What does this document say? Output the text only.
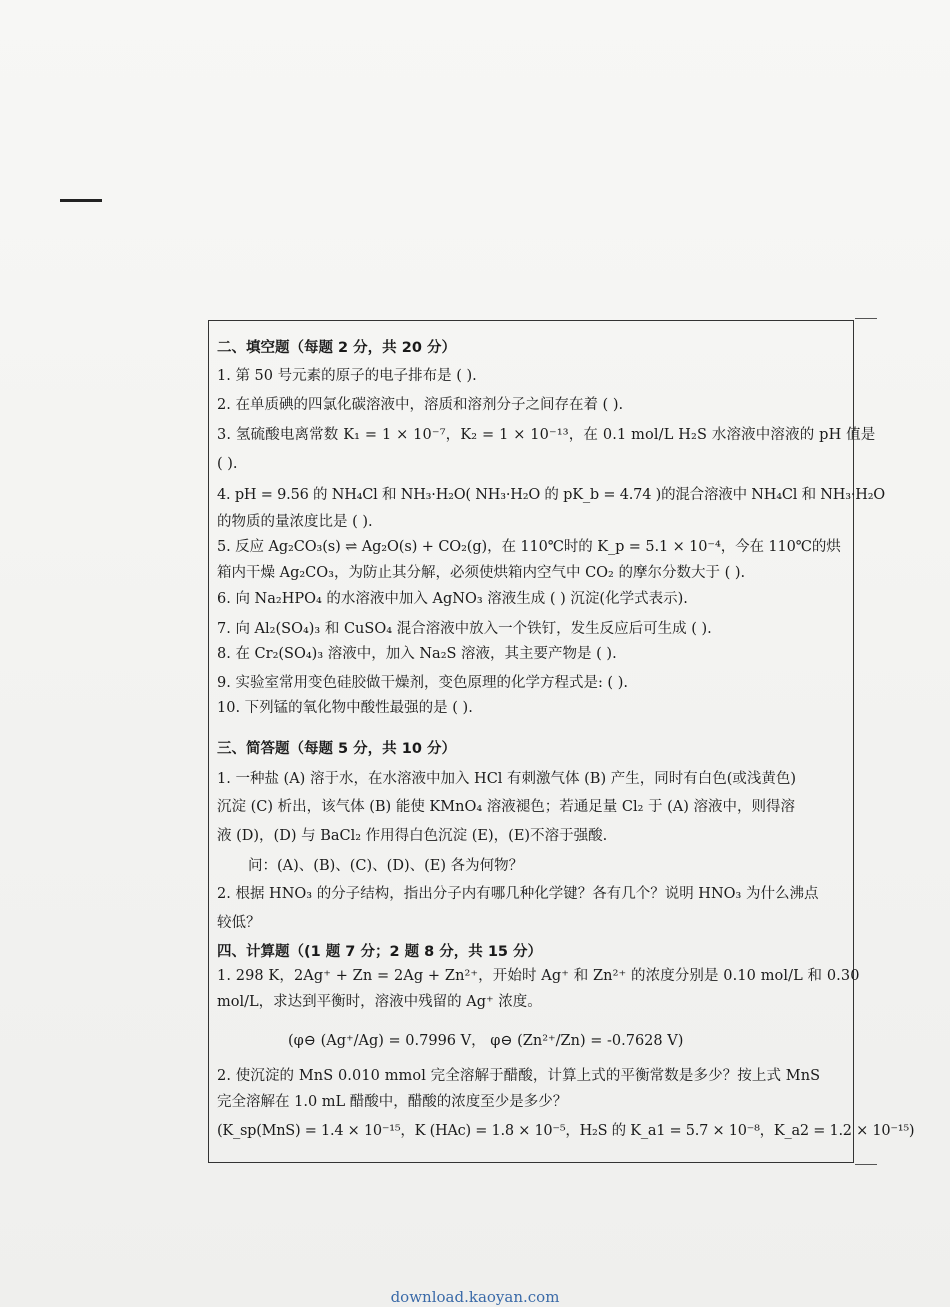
二、填空题（每题 2 分，共 20 分）
1. 第 50 号元素的原子的电子排布是 ( ).
2. 在单质碘的四氯化碳溶液中，溶质和溶剂分子之间存在着 ( ).
3. 氢硫酸电离常数 K₁ = 1 × 10⁻⁷，K₂ = 1 × 10⁻¹³，在 0.1 mol/L H₂S 水溶液中溶液的 pH 值是
( ).
4. pH = 9.56 的 NH₄Cl 和 NH₃·H₂O( NH₃·H₂O 的 pK_b = 4.74 )的混合溶液中 NH₄Cl 和 NH₃·H₂O
的物质的量浓度比是 ( ).
5. 反应 Ag₂CO₃(s) ⇌ Ag₂O(s) + CO₂(g)，在 110℃时的 K_p = 5.1 × 10⁻⁴，今在 110℃的烘
箱内干燥 Ag₂CO₃，为防止其分解，必须使烘箱内空气中 CO₂ 的摩尔分数大于 ( ).
6. 向 Na₂HPO₄ 的水溶液中加入 AgNO₃ 溶液生成 ( ) 沉淀(化学式表示).
7. 向 Al₂(SO₄)₃ 和 CuSO₄ 混合溶液中放入一个铁钉，发生反应后可生成 ( ).
8. 在 Cr₂(SO₄)₃ 溶液中，加入 Na₂S 溶液，其主要产物是 ( ).
9. 实验室常用变色硅胶做干燥剂，变色原理的化学方程式是: ( ).
10. 下列锰的氧化物中酸性最强的是 ( ).
三、简答题（每题 5 分，共 10 分）
1. 一种盐 (A) 溶于水，在水溶液中加入 HCl 有刺激气体 (B) 产生，同时有白色(或浅黄色)
沉淀 (C) 析出，该气体 (B) 能使 KMnO₄ 溶液褪色；若通足量 Cl₂ 于 (A) 溶液中，则得溶
液 (D)，(D) 与 BaCl₂ 作用得白色沉淀 (E)，(E)不溶于强酸.
问：(A)、(B)、(C)、(D)、(E) 各为何物？
2. 根据 HNO₃ 的分子结构，指出分子内有哪几种化学键？各有几个？说明 HNO₃ 为什么沸点
较低？
四、计算题（(1 题 7 分；2 题 8 分，共 15 分）
1. 298 K，2Ag⁺ + Zn = 2Ag + Zn²⁺，开始时 Ag⁺ 和 Zn²⁺ 的浓度分别是 0.10 mol/L 和 0.30
mol/L，求达到平衡时，溶液中残留的 Ag⁺ 浓度。
(φ⊖ (Ag⁺/Ag) = 0.7996 V， φ⊖ (Zn²⁺/Zn) = -0.7628 V)
2. 使沉淀的 MnS 0.010 mmol 完全溶解于醋酸，计算上式的平衡常数是多少？按上式 MnS
完全溶解在 1.0 mL 醋酸中，醋酸的浓度至少是多少？
(K_sp(MnS) = 1.4 × 10⁻¹⁵，K (HAc) = 1.8 × 10⁻⁵，H₂S 的 K_a1 = 5.7 × 10⁻⁸，K_a2 = 1.2 × 10⁻¹⁵)
download.kaoyan.com
